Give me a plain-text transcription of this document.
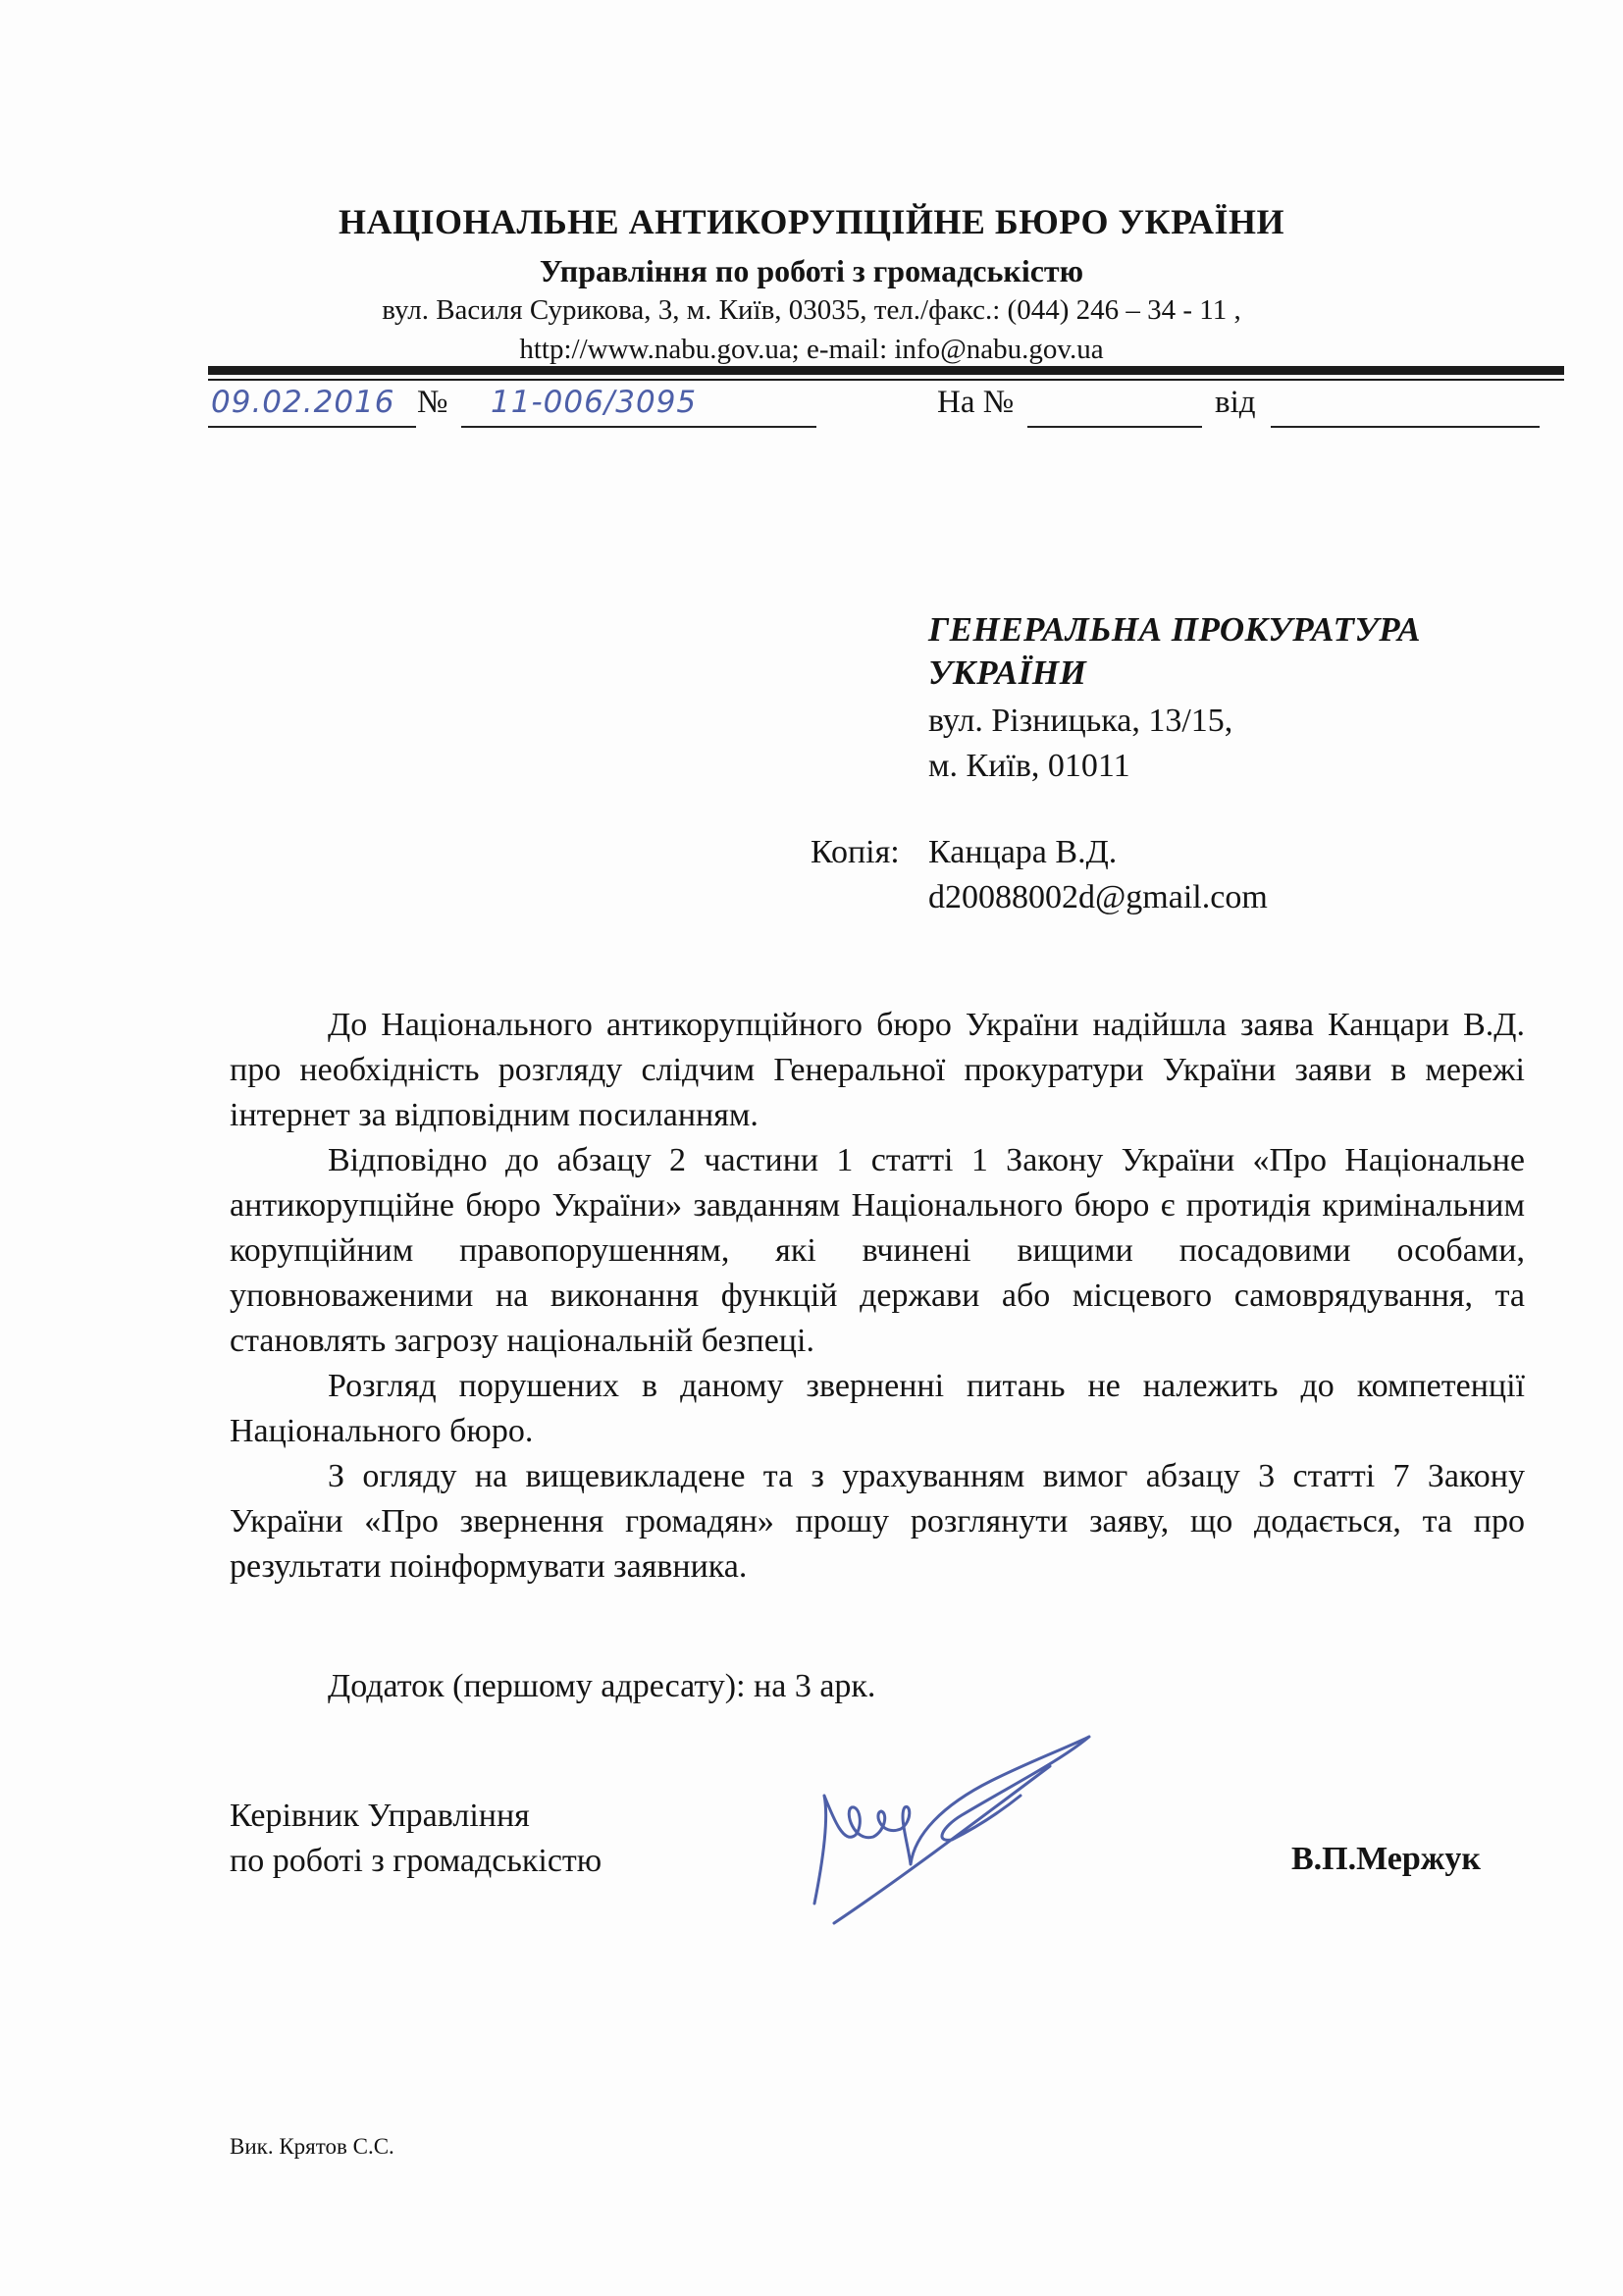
НАЦІОНАЛЬНЕ АНТИКОРУПЦІЙНЕ БЮРО УКРАЇНИ
Управління по роботі з громадськістю
вул. Василя Сурикова, 3, м. Київ, 03035, тел./факс.: (044) 246 – 34 - 11 ,
http://www.nabu.gov.ua; e-mail: info@nabu.gov.ua
09.02.2016 № 11-006/3095	На №	від
ГЕНЕРАЛЬНА ПРОКУРАТУРА
УКРАЇНИ
вул. Різницька, 13/15,
м. Київ, 01011
Копія: Канцара В.Д.
d20088002d@gmail.com

До Національного антикорупційного бюро України надійшла заява Канцари В.Д. про необхідність розгляду слідчим Генеральної прокуратури України заяви в мережі інтернет за відповідним посиланням.

Відповідно до абзацу 2 частини 1 статті 1 Закону України «Про Національне антикорупційне бюро України» завданням Національного бюро є протидія кримінальним корупційним правопорушенням, які вчинені вищими посадовими особами, уповноваженими на виконання функцій держави або місцевого самоврядування, та становлять загрозу національній безпеці.

Розгляд порушених в даному зверненні питань не належить до компетенції Національного бюро.

З огляду на вищевикладене та з урахуванням вимог абзацу 3 статті 7 Закону України «Про звернення громадян» прошу розглянути заяву, що додається, та про результати поінформувати заявника.

Додаток (першому адресату): на 3 арк.
Керівник Управління
по роботі з громадськістю	В.П.Мержук
Вик. Крятов С.С.
